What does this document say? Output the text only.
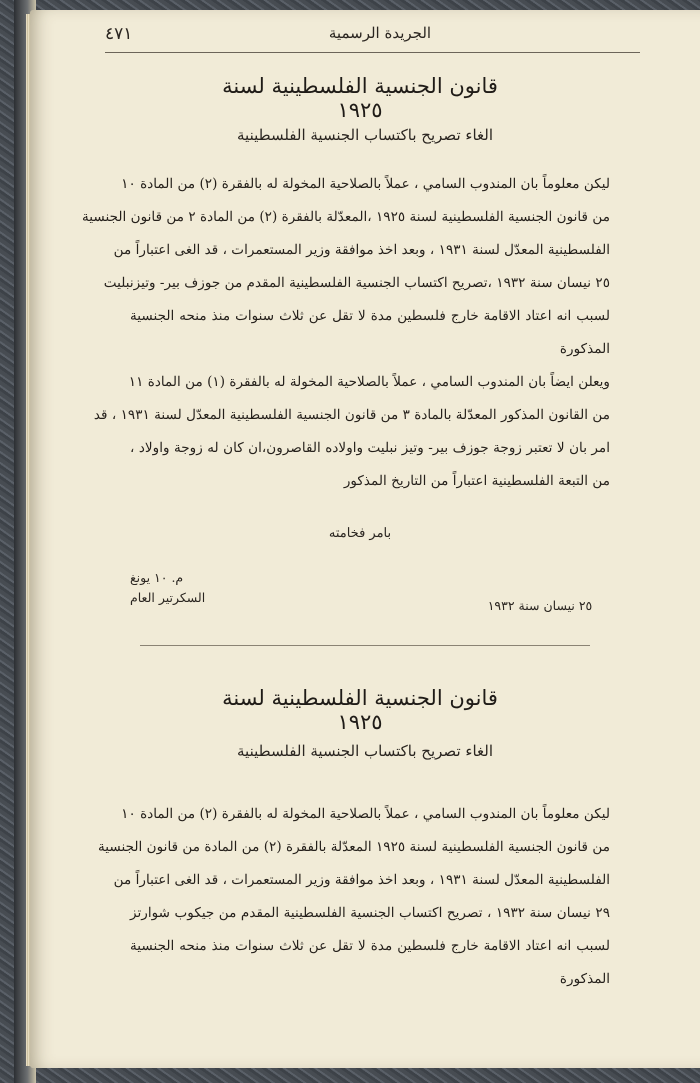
٤٧١	الجريدة الرسمية
قانون الجنسية الفلسطينية لسنة ١٩٢٥
الغاء تصريح باكتساب الجنسية الفلسطينية
ليكن معلوماً بان المندوب السامي ، عملاً بالصلاحية المخولة له بالفقرة (٢) من المادة ١٠
من قانون الجنسية الفلسطينية لسنة ١٩٢٥ ،المعدّلة بالفقرة (٢) من المادة ٢ من قانون الجنسية
الفلسطينية المعدّل لسنة ١٩٣١ ، وبعد اخذ موافقة وزير المستعمرات ، قد الغى اعتباراً من
٢٥ نيسان سنة ١٩٣٢ ،تصريح اكتساب الجنسية الفلسطينية المقدم من جوزف بير- وتيزنبليت
لسبب انه اعتاد الاقامة خارج فلسطين مدة لا تقل عن ثلاث سنوات منذ منحه الجنسية
المذكورة
ويعلن ايضاً بان المندوب السامي ، عملاً بالصلاحية المخولة له بالفقرة (١) من المادة ١١
من القانون المذكور المعدّلة بالمادة ٣ من قانون الجنسية الفلسطينية المعدّل لسنة ١٩٣١ ، قد
امر بان لا تعتبر زوجة جوزف بير- وتيز نبليت واولاده القاصرون،ان كان له زوجة واولاد ،
من التبعة الفلسطينية اعتباراً من التاريخ المذكور
بامر فخامته
م. ١٠ يونغ
السكرتير العام
٢٥ نيسان سنة ١٩٣٢
قانون الجنسية الفلسطينية لسنة ١٩٢٥
الغاء تصريح باكتساب الجنسية الفلسطينية
ليكن معلوماً بان المندوب السامي ، عملاً بالصلاحية المخولة له بالفقرة (٢) من المادة ١٠
من قانون الجنسية الفلسطينية لسنة ١٩٢٥ المعدّلة بالفقرة (٢) من المادة من قانون الجنسية
الفلسطينية المعدّل لسنة ١٩٣١ ، وبعد اخذ موافقة وزير المستعمرات ، قد الغى اعتباراً من
٢٩ نيسان سنة ١٩٣٢ ، تصريح اكتساب الجنسية الفلسطينية المقدم من جيكوب شوارتز
لسبب انه اعتاد الاقامة خارج فلسطين مدة لا تقل عن ثلاث سنوات منذ منحه الجنسية
المذكورة
